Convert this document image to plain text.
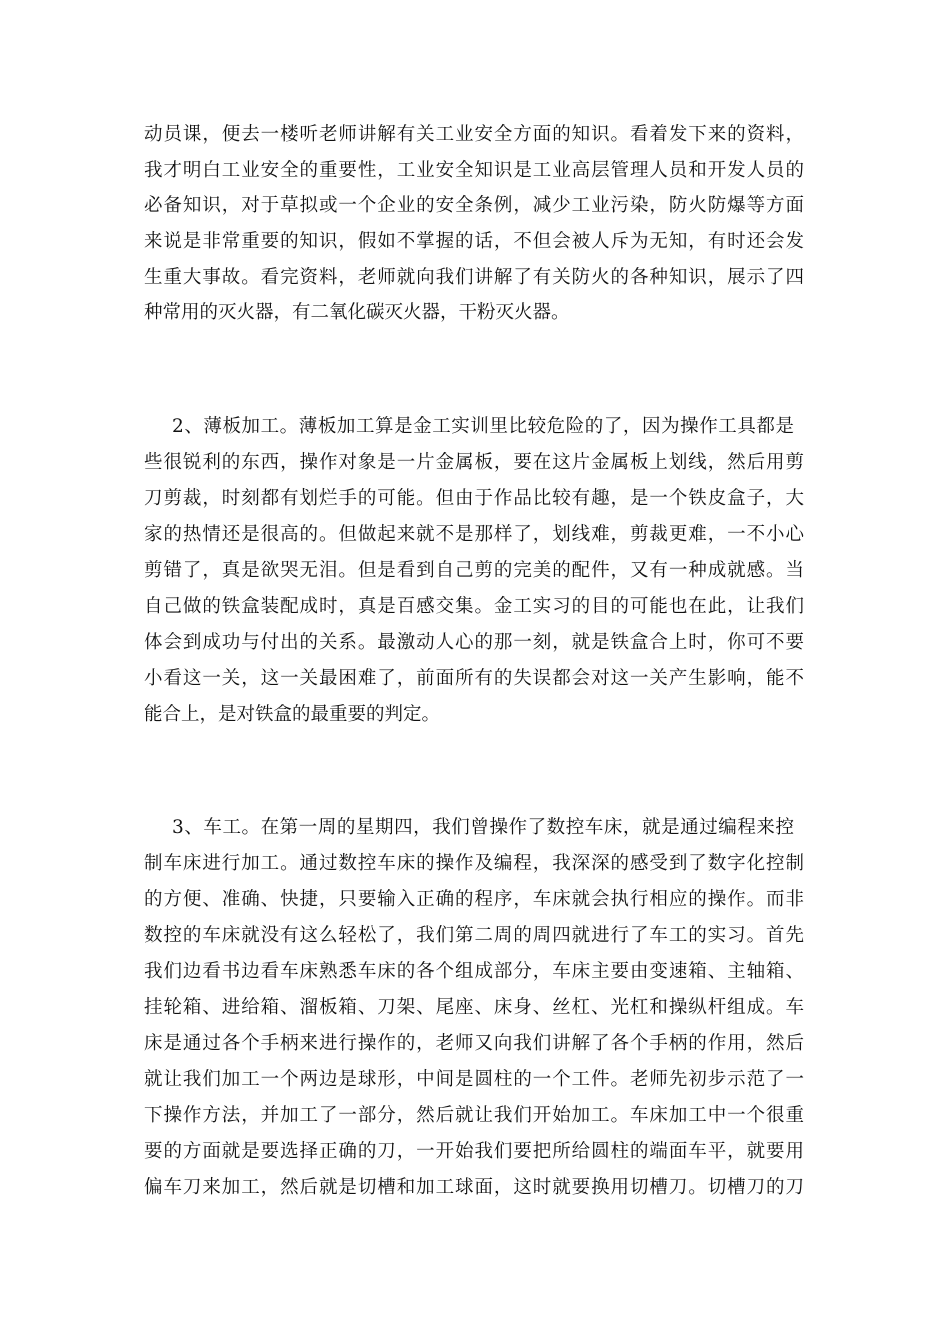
动员课，便去一楼听老师讲解有关工业安全方面的知识。看着发下来的资料，
我才明白工业安全的重要性，工业安全知识是工业高层管理人员和开发人员的
必备知识，对于草拟或一个企业的安全条例，减少工业污染，防火防爆等方面
来说是非常重要的知识，假如不掌握的话，不但会被人斥为无知，有时还会发
生重大事故。看完资料，老师就向我们讲解了有关防火的各种知识，展示了四
种常用的灭火器，有二氧化碳灭火器，干粉灭火器。
2、薄板加工。薄板加工算是金工实训里比较危险的了，因为操作工具都是
些很锐利的东西，操作对象是一片金属板，要在这片金属板上划线，然后用剪
刀剪裁，时刻都有划烂手的可能。但由于作品比较有趣，是一个铁皮盒子，大
家的热情还是很高的。但做起来就不是那样了，划线难，剪裁更难，一不小心
剪错了，真是欲哭无泪。但是看到自己剪的完美的配件，又有一种成就感。当
自己做的铁盒装配成时，真是百感交集。金工实习的目的可能也在此，让我们
体会到成功与付出的关系。最激动人心的那一刻，就是铁盒合上时，你可不要
小看这一关，这一关最困难了，前面所有的失误都会对这一关产生影响，能不
能合上，是对铁盒的最重要的判定。
3、车工。在第一周的星期四，我们曾操作了数控车床，就是通过编程来控
制车床进行加工。通过数控车床的操作及编程，我深深的感受到了数字化控制
的方便、准确、快捷，只要输入正确的程序，车床就会执行相应的操作。而非
数控的车床就没有这么轻松了，我们第二周的周四就进行了车工的实习。首先
我们边看书边看车床熟悉车床的各个组成部分，车床主要由变速箱、主轴箱、
挂轮箱、进给箱、溜板箱、刀架、尾座、床身、丝杠、光杠和操纵杆组成。车
床是通过各个手柄来进行操作的，老师又向我们讲解了各个手柄的作用，然后
就让我们加工一个两边是球形，中间是圆柱的一个工件。老师先初步示范了一
下操作方法，并加工了一部分，然后就让我们开始加工。车床加工中一个很重
要的方面就是要选择正确的刀，一开始我们要把所给圆柱的端面车平，就要用
偏车刀来加工，然后就是切槽和加工球面，这时就要换用切槽刀。切槽刀的刀
